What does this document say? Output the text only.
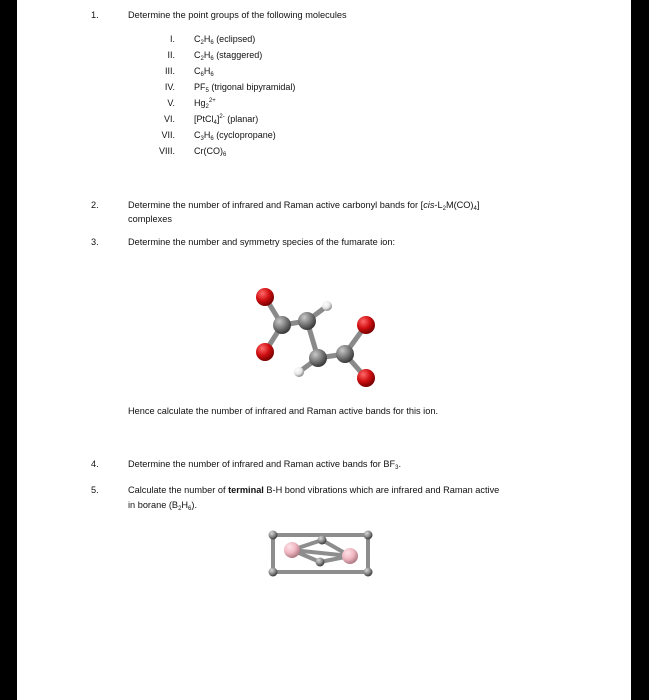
1.	Determine the point groups of the following molecules
I. $C_2H_6$ (eclipsed)
II. $C_2H_6$ (staggered)
III. $C_6H_6$
IV. $PF_5$ (trigonal bipyramidal)
V. $Hg_2^{2+}$
VI. [PtCl$_4$]$^{2-}$ (planar)
VII. $C_3H_6$ (cyclopropane)
VIII. $Cr(CO)_6$
2.	Determine the number of infrared and Raman active carbonyl bands for $[cis-L_2M(CO)_4]$
complexes
3.	Determine the number and symmetry species of the fumarate ion:
Hence calculate the number of infrared and Raman active bands for this ion.
4.	Determine the number of infrared and Raman active bands for $BF_3$.
5.	Calculate the number of terminal B-H bond vibrations which are infrared and Raman active
in borane $(B_2H_6)$.
